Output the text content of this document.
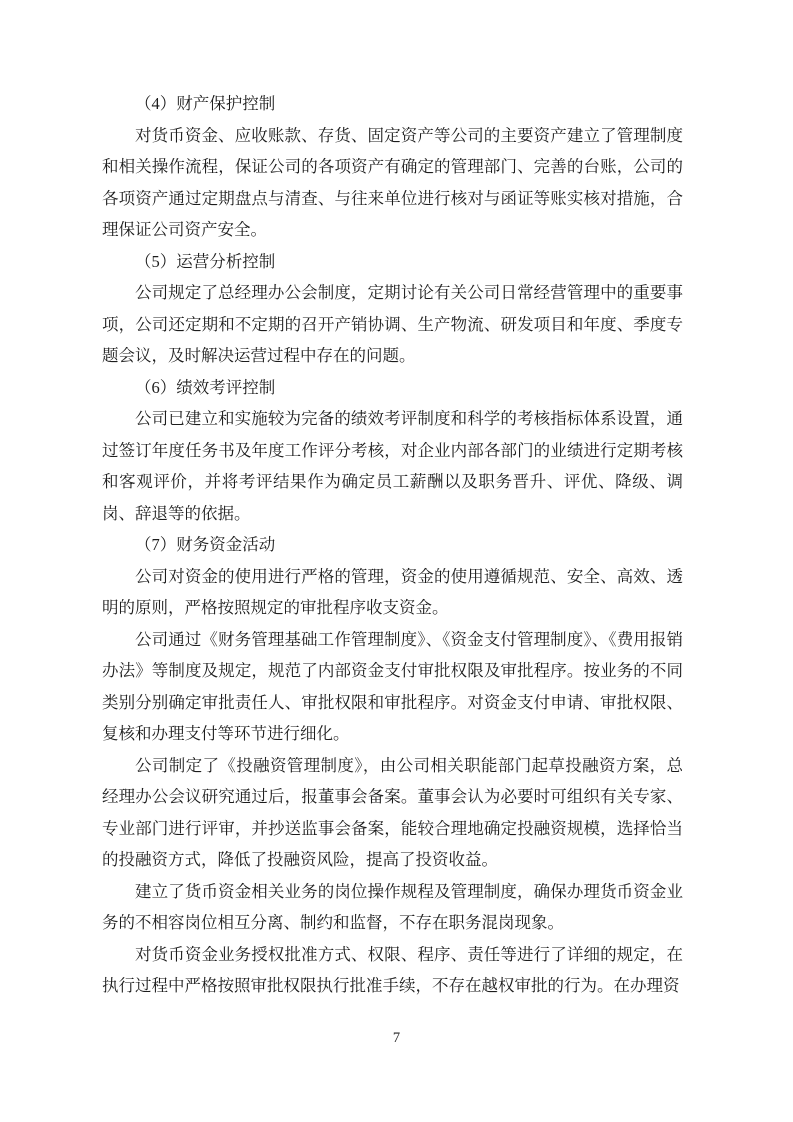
（4）财产保护控制

对货币资金、应收账款、存货、固定资产等公司的主要资产建立了管理制度和相关操作流程，保证公司的各项资产有确定的管理部门、完善的台账，公司的各项资产通过定期盘点与清查、与往来单位进行核对与函证等账实核对措施，合理保证公司资产安全。

（5）运营分析控制

公司规定了总经理办公会制度，定期讨论有关公司日常经营管理中的重要事项，公司还定期和不定期的召开产销协调、生产物流、研发项目和年度、季度专题会议，及时解决运营过程中存在的问题。

（6）绩效考评控制

公司已建立和实施较为完备的绩效考评制度和科学的考核指标体系设置，通过签订年度任务书及年度工作评分考核，对企业内部各部门的业绩进行定期考核和客观评价，并将考评结果作为确定员工薪酬以及职务晋升、评优、降级、调岗、辞退等的依据。

（7）财务资金活动

公司对资金的使用进行严格的管理，资金的使用遵循规范、安全、高效、透明的原则，严格按照规定的审批程序收支资金。

公司通过《财务管理基础工作管理制度》、《资金支付管理制度》、《费用报销办法》等制度及规定，规范了内部资金支付审批权限及审批程序。按业务的不同类别分别确定审批责任人、审批权限和审批程序。对资金支付申请、审批权限、复核和办理支付等环节进行细化。

公司制定了《投融资管理制度》，由公司相关职能部门起草投融资方案，总经理办公会议研究通过后，报董事会备案。董事会认为必要时可组织有关专家、专业部门进行评审，并抄送监事会备案，能较合理地确定投融资规模，选择恰当的投融资方式，降低了投融资风险，提高了投资收益。

建立了货币资金相关业务的岗位操作规程及管理制度，确保办理货币资金业务的不相容岗位相互分离、制约和监督，不存在职务混岗现象。

对货币资金业务授权批准方式、权限、程序、责任等进行了详细的规定，在执行过程中严格按照审批权限执行批准手续，不存在越权审批的行为。在办理资

7
